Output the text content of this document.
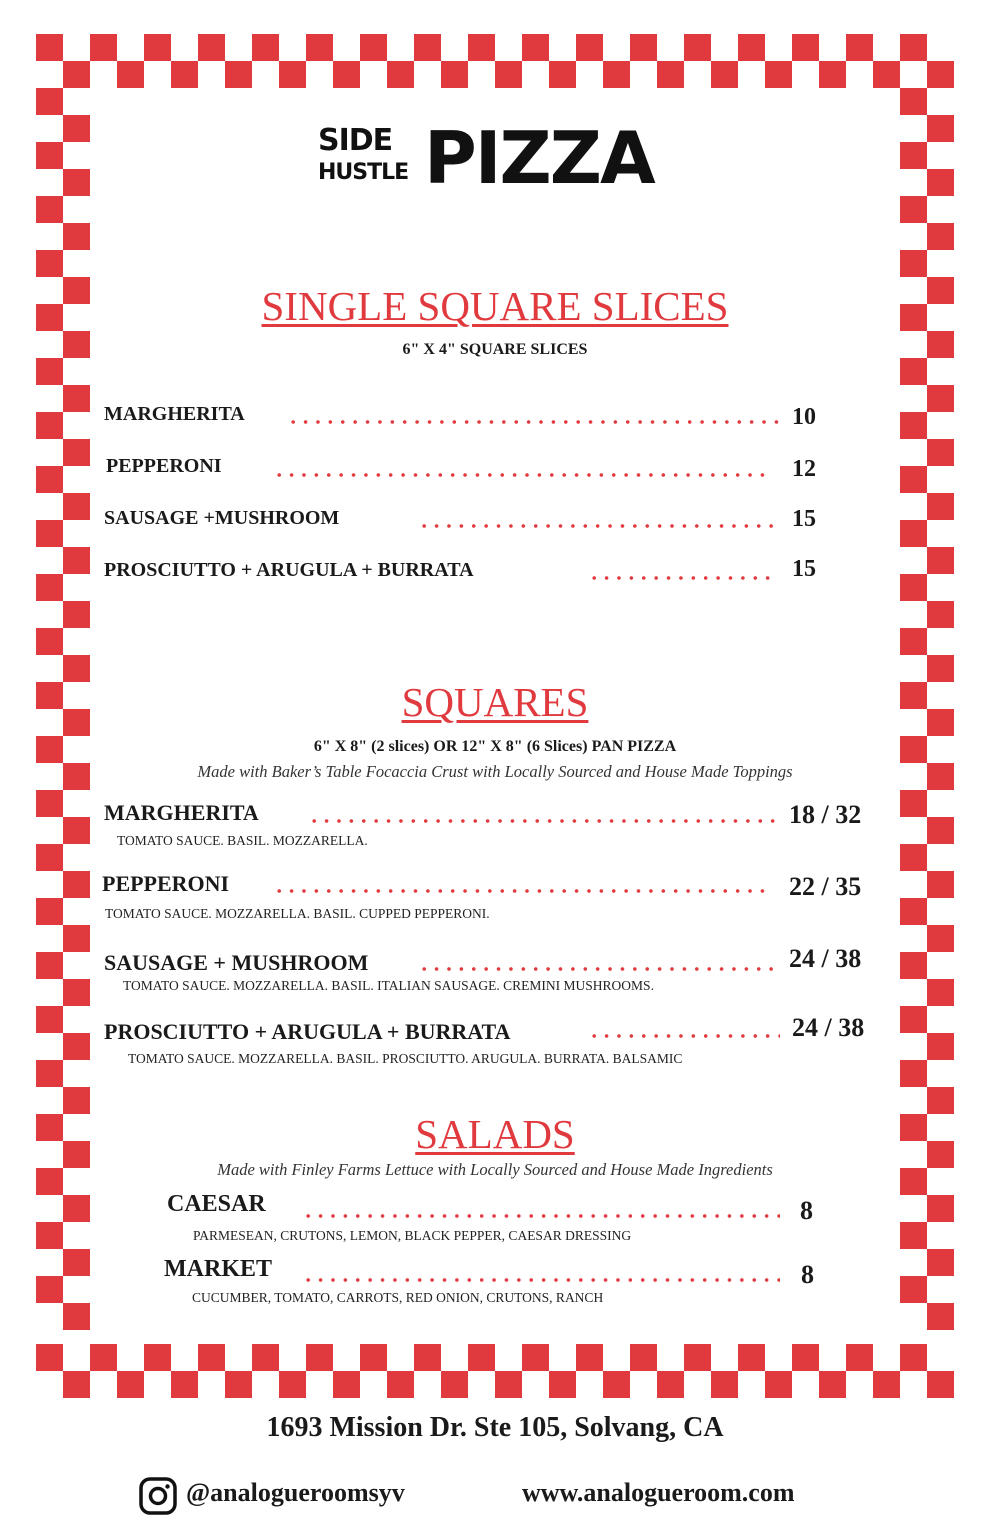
SIDE
HUSTLE PIZZA
SINGLE SQUARE SLICES
6" X 4" SQUARE SLICES
MARGHERITA	10
PEPPERONI	12
SAUSAGE +MUSHROOM	15
PROSCIUTTO + ARUGULA + BURRATA	15
SQUARES
6" X 8" (2 slices) OR 12" X 8" (6 Slices) PAN PIZZA
Made with Baker’s Table Focaccia Crust with Locally Sourced and House Made Toppings
MARGHERITA	18 / 32
TOMATO SAUCE. BASIL. MOZZARELLA.
PEPPERONI	22 / 35
TOMATO SAUCE. MOZZARELLA. BASIL. CUPPED PEPPERONI.
SAUSAGE + MUSHROOM	24 / 38
TOMATO SAUCE. MOZZARELLA. BASIL. ITALIAN SAUSAGE. CREMINI MUSHROOMS.
PROSCIUTTO + ARUGULA + BURRATA	24 / 38
TOMATO SAUCE. MOZZARELLA. BASIL. PROSCIUTTO. ARUGULA. BURRATA. BALSAMIC
SALADS
Made with Finley Farms Lettuce with Locally Sourced and House Made Ingredients
CAESAR	8
PARMESEAN, CRUTONS, LEMON, BLACK PEPPER, CAESAR DRESSING
MARKET	8
CUCUMBER, TOMATO, CARROTS, RED ONION, CRUTONS, RANCH
1693 Mission Dr. Ste 105, Solvang, CA
@analogueroomsyv	www.analogueroom.com
